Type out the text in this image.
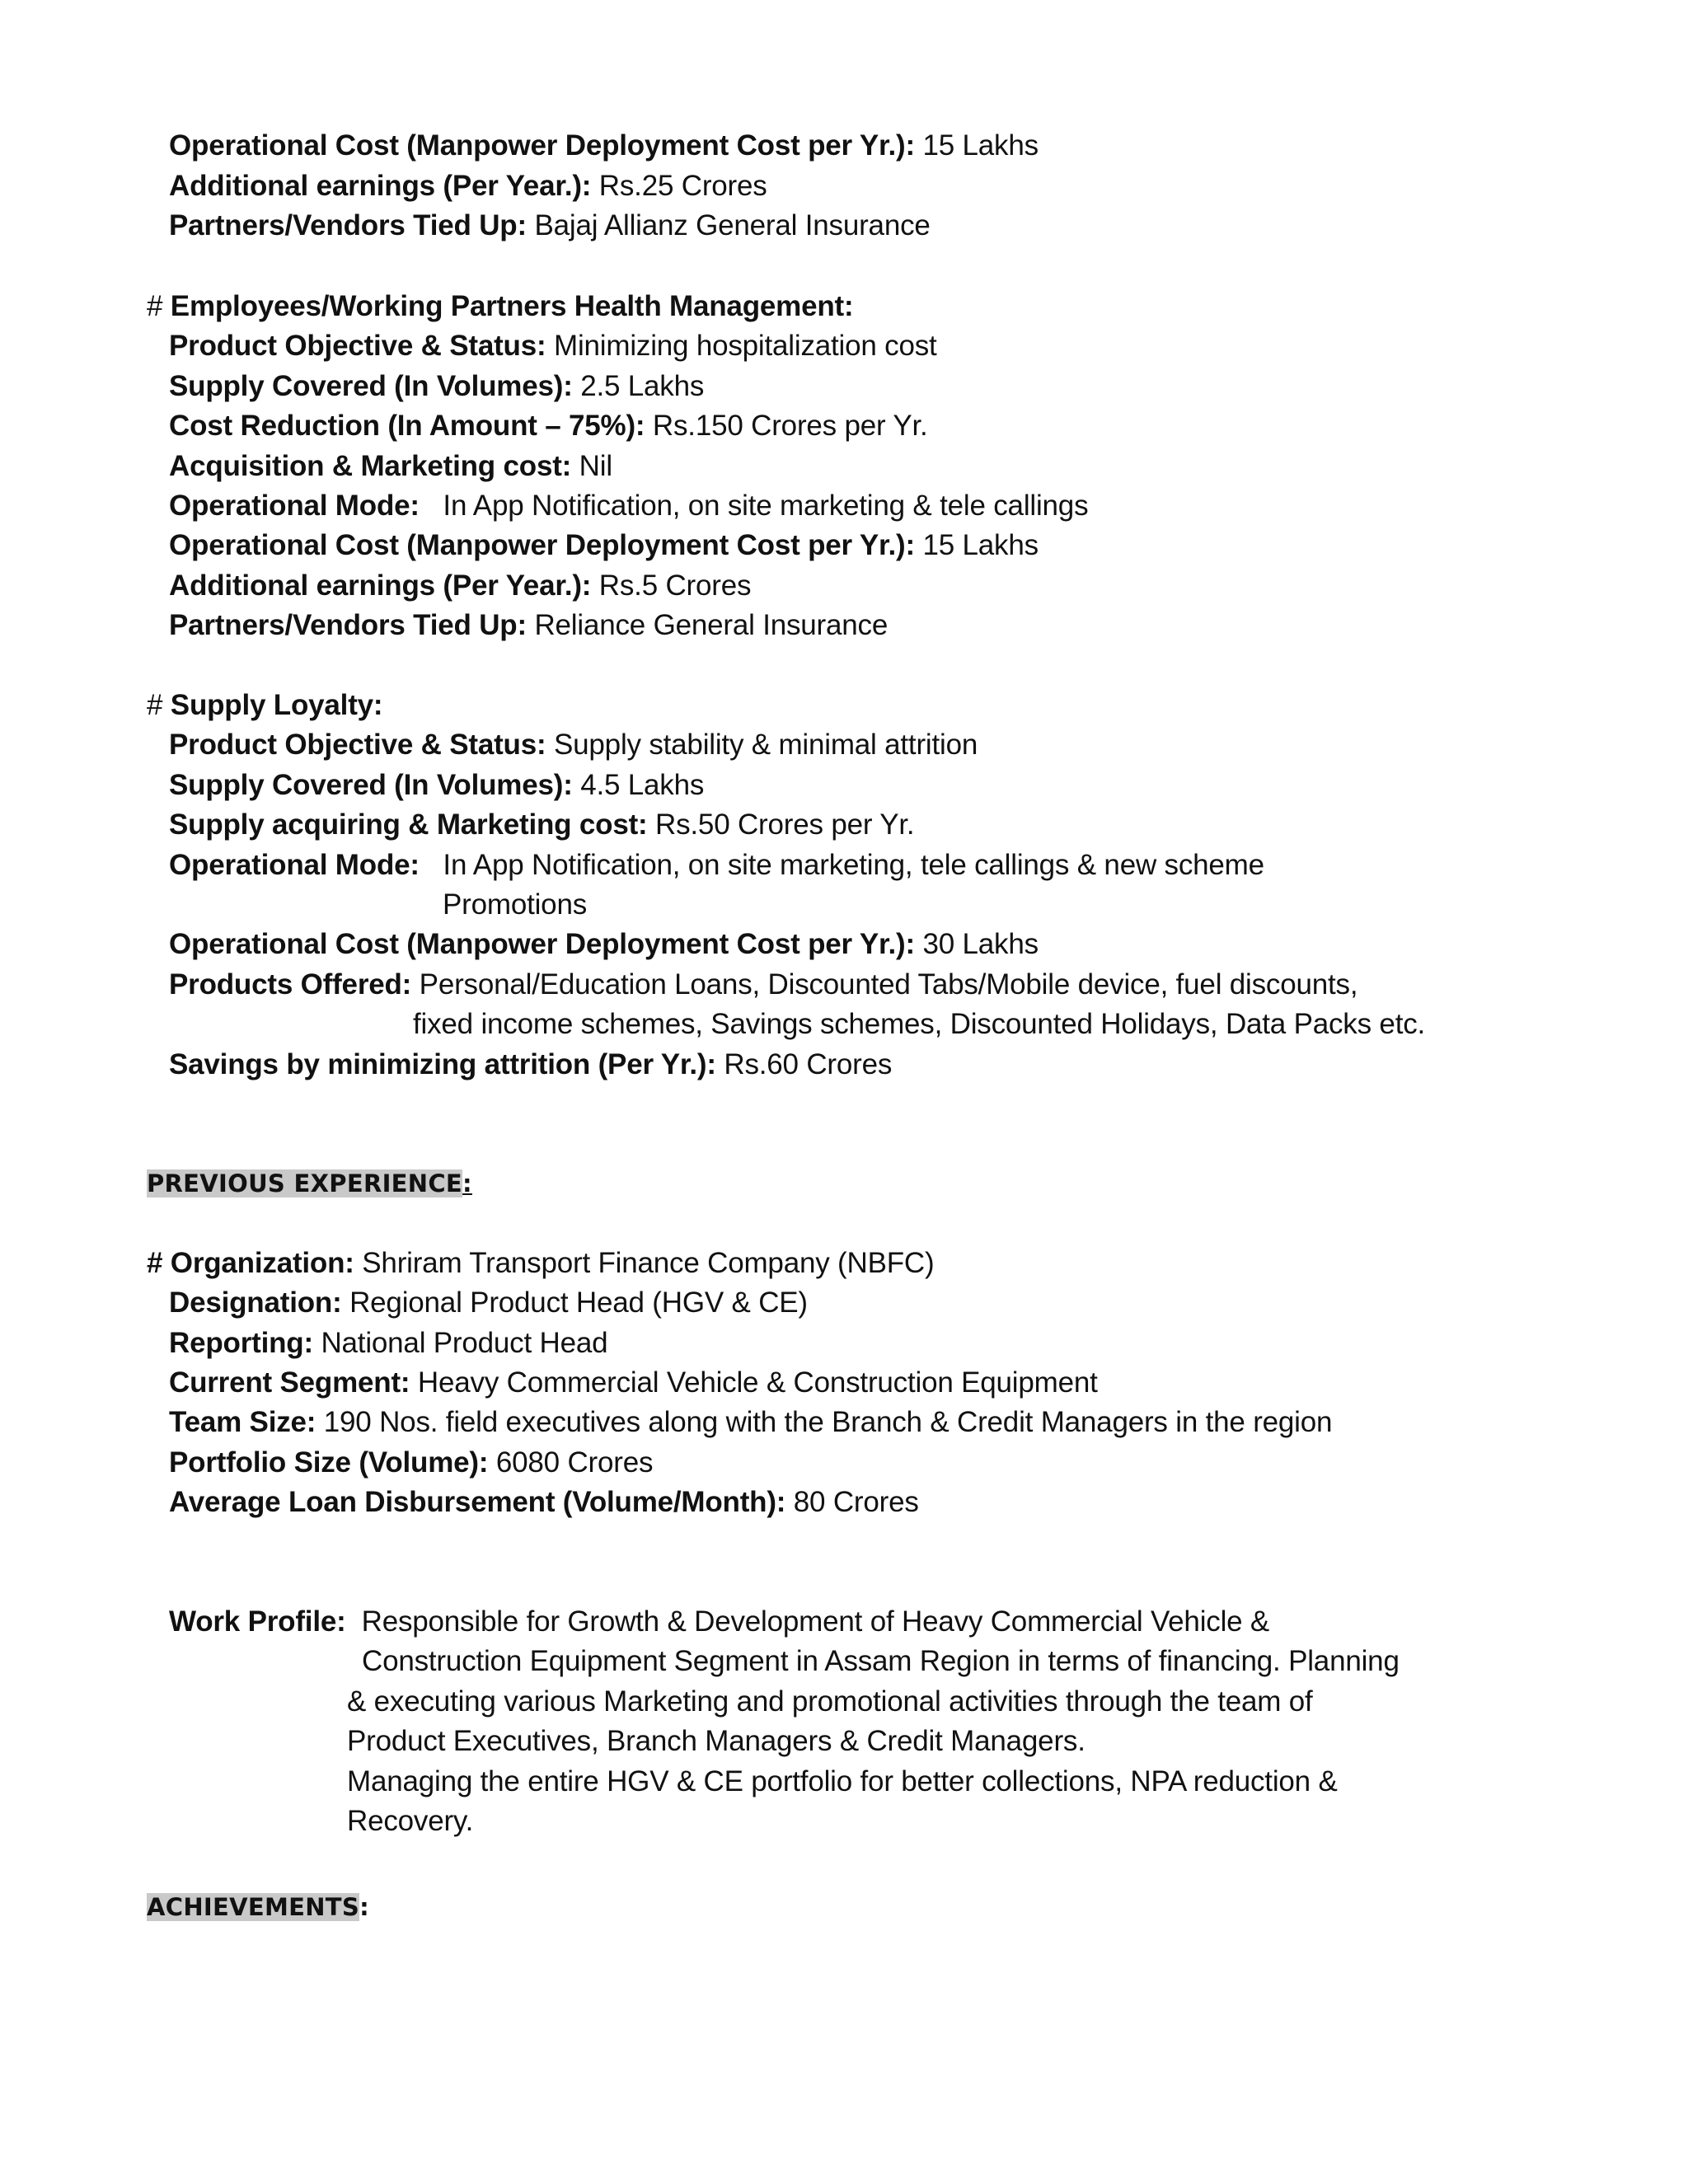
Operational Cost (Manpower Deployment Cost per Yr.): 15 Lakhs
Additional earnings (Per Year.): Rs.25 Crores
Partners/Vendors Tied Up: Bajaj Allianz General Insurance
# Employees/Working Partners Health Management:
Product Objective & Status: Minimizing hospitalization cost
Supply Covered (In Volumes): 2.5 Lakhs
Cost Reduction (In Amount – 75%): Rs.150 Crores per Yr.
Acquisition & Marketing cost: Nil
Operational Mode: In App Notification, on site marketing & tele callings
Operational Cost (Manpower Deployment Cost per Yr.): 15 Lakhs
Additional earnings (Per Year.): Rs.5 Crores
Partners/Vendors Tied Up: Reliance General Insurance
# Supply Loyalty:
Product Objective & Status: Supply stability & minimal attrition
Supply Covered (In Volumes): 4.5 Lakhs
Supply acquiring & Marketing cost: Rs.50 Crores per Yr.
Operational Mode: In App Notification, on site marketing, tele callings & new scheme
Promotions
Operational Cost (Manpower Deployment Cost per Yr.): 30 Lakhs
Products Offered: Personal/Education Loans, Discounted Tabs/Mobile device, fuel discounts,
fixed income schemes, Savings schemes, Discounted Holidays, Data Packs etc.
Savings by minimizing attrition (Per Yr.): Rs.60 Crores
PREVIOUS EXPERIENCE:
# Organization: Shriram Transport Finance Company (NBFC)
Designation: Regional Product Head (HGV & CE)
Reporting: National Product Head
Current Segment: Heavy Commercial Vehicle & Construction Equipment
Team Size: 190 Nos. field executives along with the Branch & Credit Managers in the region
Portfolio Size (Volume): 6080 Crores
Average Loan Disbursement (Volume/Month): 80 Crores
Work Profile: Responsible for Growth & Development of Heavy Commercial Vehicle &
Construction Equipment Segment in Assam Region in terms of financing. Planning
& executing various Marketing and promotional activities through the team of
Product Executives, Branch Managers & Credit Managers.
Managing the entire HGV & CE portfolio for better collections, NPA reduction &
Recovery.
ACHIEVEMENTS:
